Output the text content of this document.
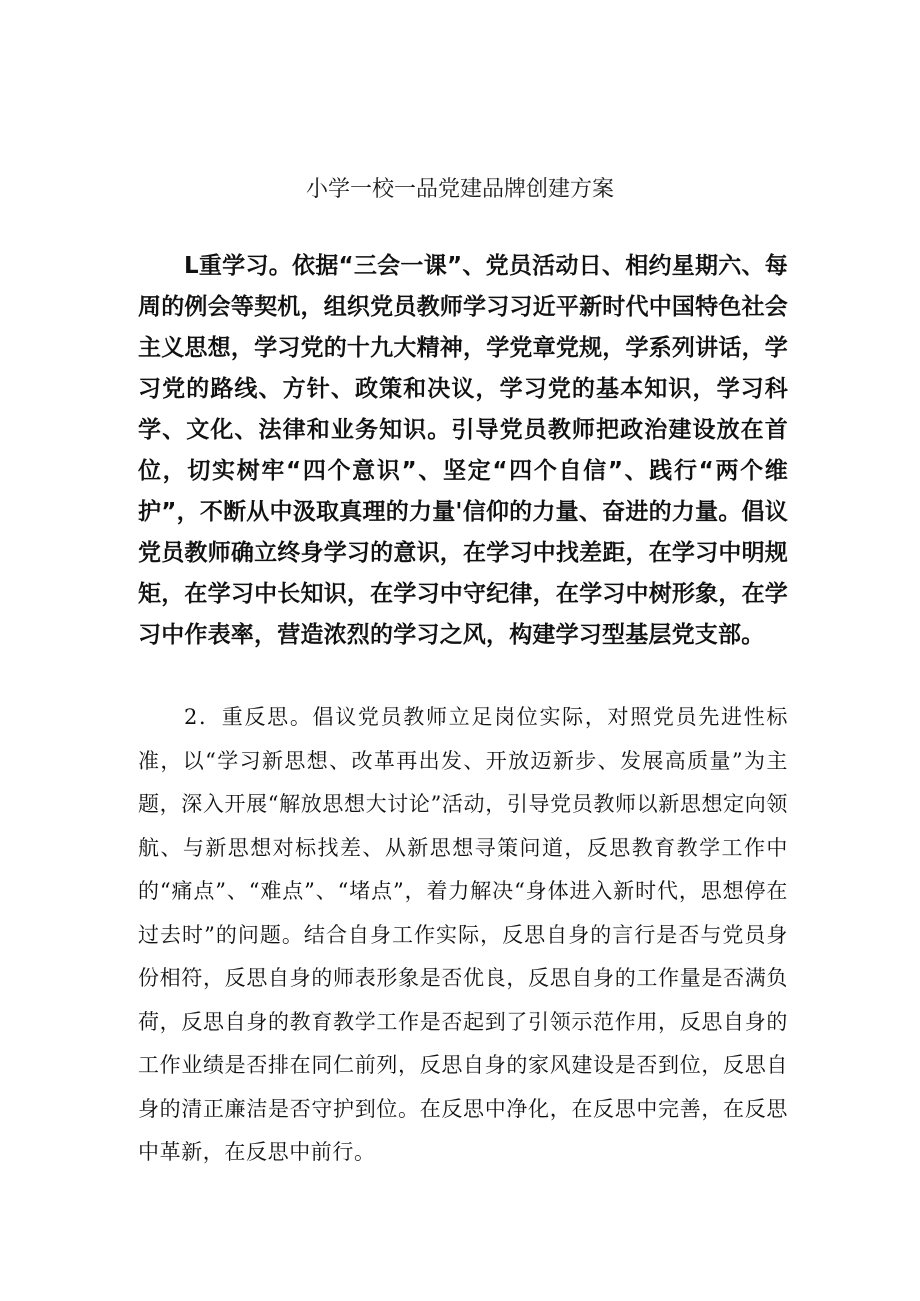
小学一校一品党建品牌创建方案

L重学习。依据“三会一课”、党员活动日、相约星期六、每周的例会等契机，组织党员教师学习习近平新时代中国特色社会主义思想，学习党的十九大精神，学党章党规，学系列讲话，学习党的路线、方针、政策和决议，学习党的基本知识，学习科学、文化、法律和业务知识。引导党员教师把政治建设放在首位，切实树牢“四个意识”、坚定“四个自信”、践行“两个维护”，不断从中汲取真理的力量'信仰的力量、奋进的力量。倡议党员教师确立终身学习的意识，在学习中找差距，在学习中明规矩，在学习中长知识，在学习中守纪律，在学习中树形象，在学习中作表率，营造浓烈的学习之风，构建学习型基层党支部。

2．重反思。倡议党员教师立足岗位实际，对照党员先进性标准，以“学习新思想、改革再出发、开放迈新步、发展高质量”为主题，深入开展“解放思想大讨论”活动，引导党员教师以新思想定向领航、与新思想对标找差、从新思想寻策问道，反思教育教学工作中的“痛点”、“难点”、“堵点”，着力解决“身体进入新时代，思想停在过去时”的问题。结合自身工作实际，反思自身的言行是否与党员身份相符，反思自身的师表形象是否优良，反思自身的工作量是否满负荷，反思自身的教育教学工作是否起到了引领示范作用，反思自身的工作业绩是否排在同仁前列，反思自身的家风建设是否到位，反思自身的清正廉洁是否守护到位。在反思中净化，在反思中完善，在反思中革新，在反思中前行。
